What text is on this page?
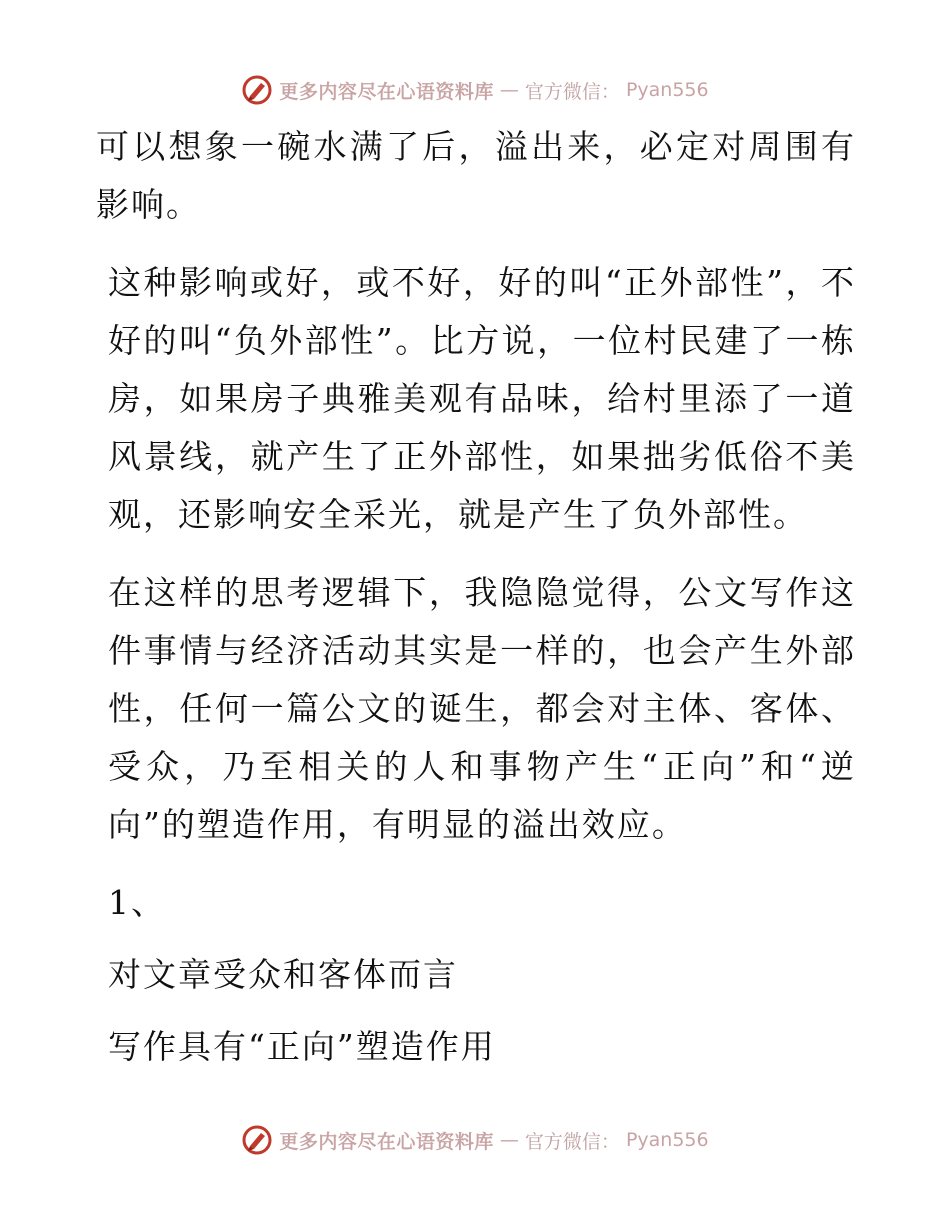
更多内容尽在心语资料库 — 官方微信： Pyan556

可以想象一碗水满了后，溢出来，必定对周围有影响。

这种影响或好，或不好，好的叫“正外部性”，不好的叫“负外部性”。比方说，一位村民建了一栋房，如果房子典雅美观有品味，给村里添了一道风景线，就产生了正外部性，如果拙劣低俗不美观，还影响安全采光，就是产生了负外部性。

在这样的思考逻辑下，我隐隐觉得，公文写作这件事情与经济活动其实是一样的，也会产生外部性，任何一篇公文的诞生，都会对主体、客体、受众，乃至相关的人和事物产生“正向”和“逆向”的塑造作用，有明显的溢出效应。

1、
对文章受众和客体而言
写作具有“正向”塑造作用
更多内容尽在心语资料库 — 官方微信： Pyan556
